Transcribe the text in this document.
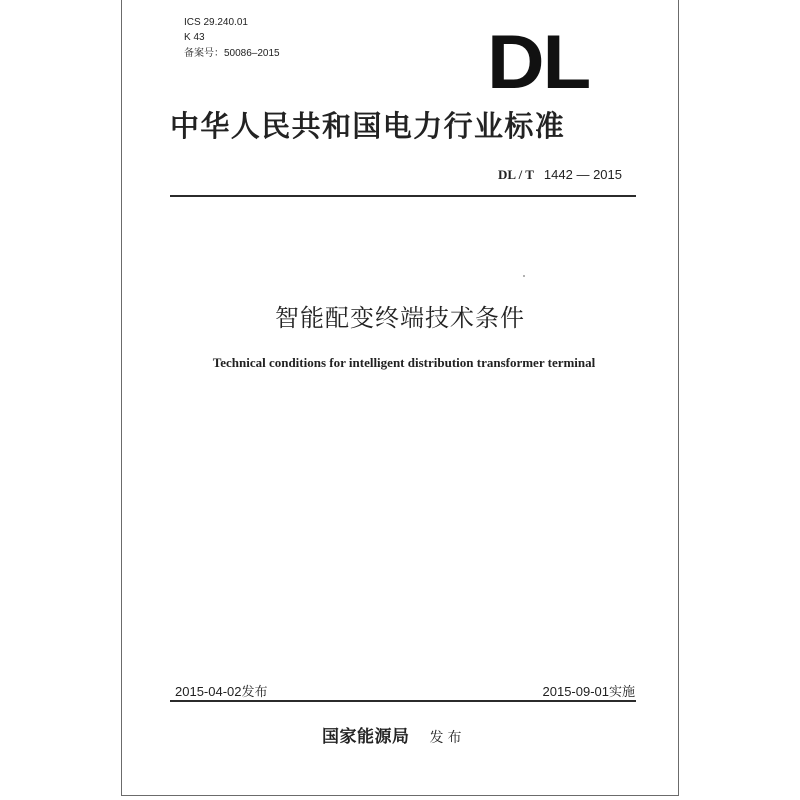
ICS 29.240.01
K 43
备案号：50086–2015	DL
中华人民共和国电力行业标准
DL / T 1442 — 2015
智能配变终端技术条件
Technical conditions for intelligent distribution transformer terminal
2015-04-02发布	2015-09-01实施
国家能源局 发布
